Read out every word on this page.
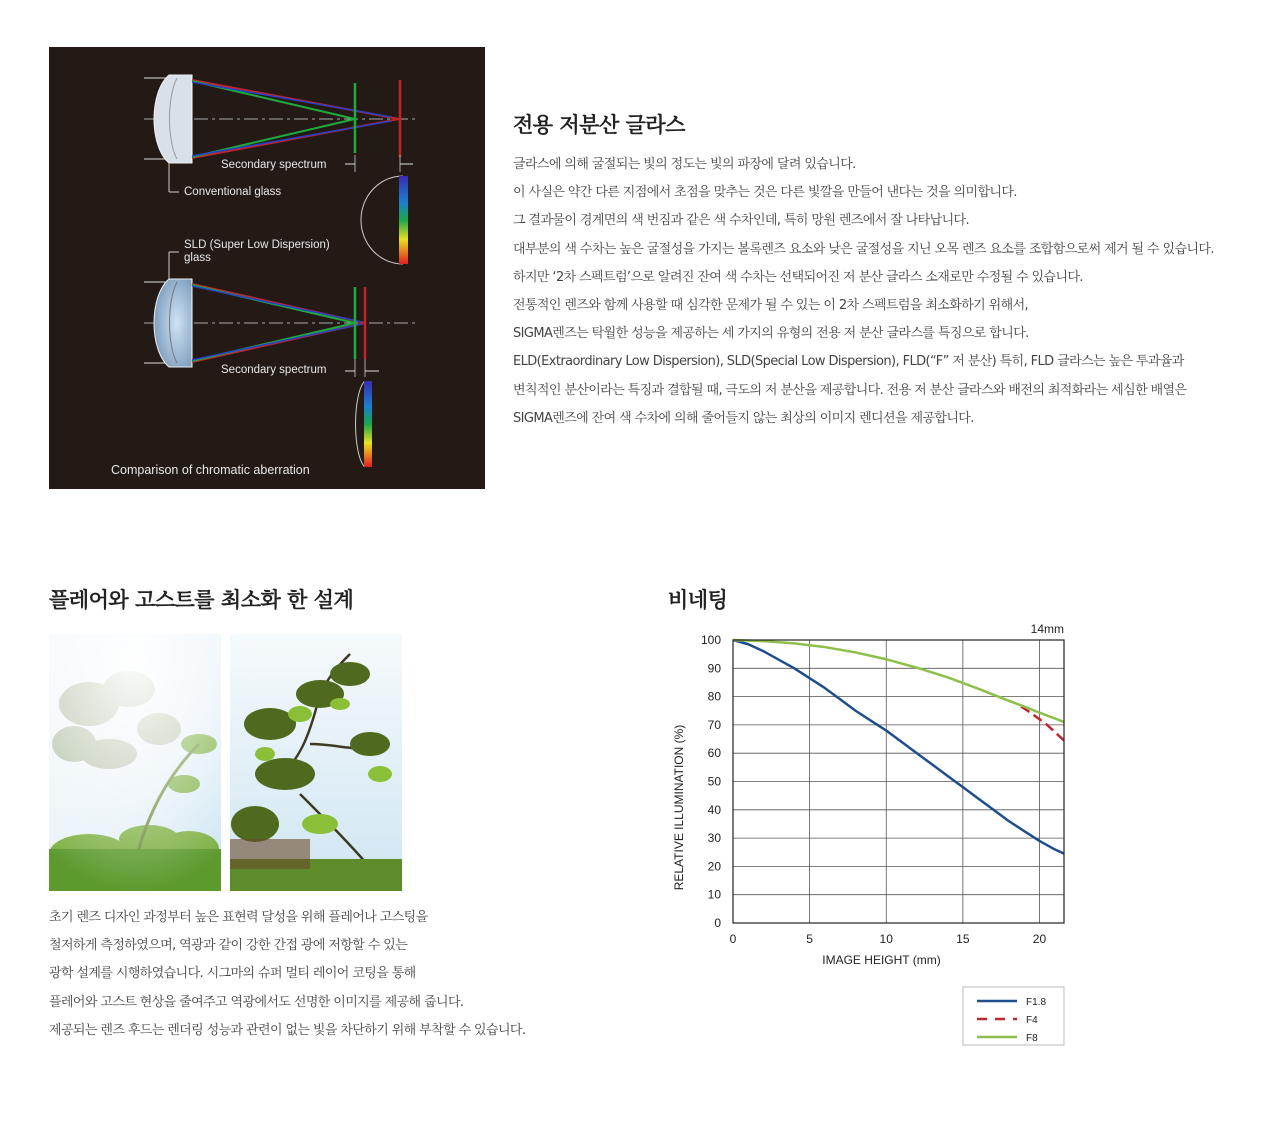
Secondary spectrum
Conventional glass
SLD (Super Low Dispersion)
glass
Secondary spectrum
Comparison of chromatic aberration
전용 저분산 글라스
글라스에 의해 굴절되는 빛의 정도는 빛의 파장에 달려 있습니다.
이 사실은 약간 다른 지점에서 초점을 맞추는 것은 다른 빛깔을 만들어 낸다는 것을 의미합니다.
그 결과물이 경계면의 색 번짐과 같은 색 수차인데, 특히 망원 렌즈에서 잘 나타납니다.
대부분의 색 수차는 높은 굴절성을 가지는 볼록렌즈 요소와 낮은 굴절성을 지닌 오목 렌즈 요소를 조합함으로써 제거 될 수 있습니다.
하지만 ‘2차 스펙트럼’으로 알려진 잔여 색 수차는 선택되어진 저 분산 글라스 소재로만 수정될 수 있습니다.
전통적인 렌즈와 함께 사용할 때 심각한 문제가 될 수 있는 이 2차 스펙트럼을 최소화하기 위해서,
SIGMA렌즈는 탁월한 성능을 제공하는 세 가지의 유형의 전용 저 분산 글라스를 특징으로 합니다.
ELD(Extraordinary Low Dispersion), SLD(Special Low Dispersion), FLD(“F” 저 분산) 특히, FLD 글라스는 높은 투과율과
변칙적인 분산이라는 특징과 결합될 때, 극도의 저 분산을 제공합니다. 전용 저 분산 글라스와 배전의 최적화라는 세심한 배열은
SIGMA렌즈에 잔여 색 수차에 의해 줄어들지 않는 최상의 이미지 렌디션을 제공합니다.
플레어와 고스트를 최소화 한 설계
초기 렌즈 디자인 과정부터 높은 표현력 달성을 위해 플레어나 고스팅을
철저하게 측정하였으며, 역광과 같이 강한 간접 광에 저항할 수 있는
광학 설계를 시행하였습니다. 시그마의 슈퍼 멀티 레이어 코팅을 통해
플레어와 고스트 현상을 줄여주고 역광에서도 선명한 이미지를 제공해 줍니다.
제공되는 렌즈 후드는 렌더링 성능과 관련이 없는 빛을 차단하기 위해 부착할 수 있습니다.
비네팅
0
10
20
30
40
50
60
70
80
90
100
0	5	10	15	20
14mm
IMAGE HEIGHT (mm)
RELATIVE ILLUMINATION (%)
F1.8
F4
F8
